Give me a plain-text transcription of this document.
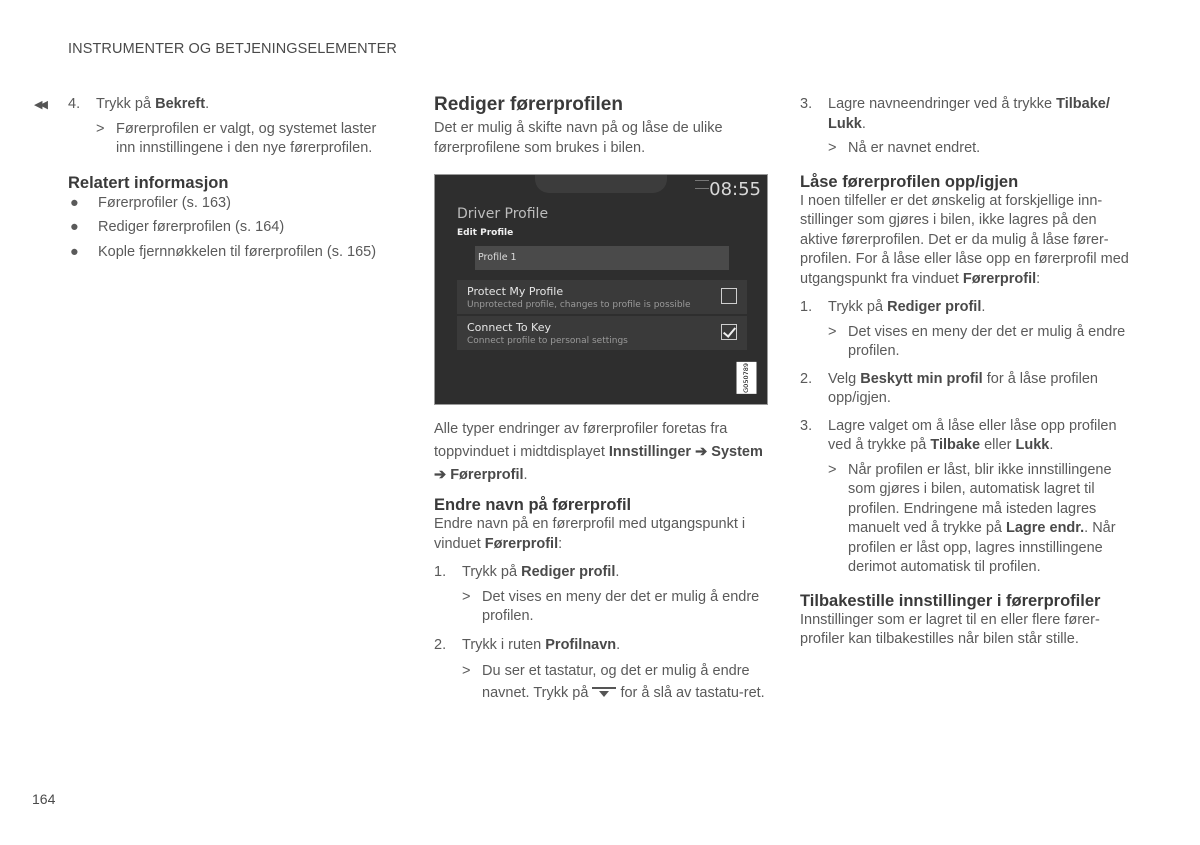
INSTRUMENTER OG BETJENINGSELEMENTER
◀◀ 4.	Trykk på Bekreft.
> Førerprofilen er valgt, og systemet laster inn innstillingene i den nye førerprofilen.
Relatert informasjon
●	Førerprofiler (s. 163)
●	Rediger førerprofilen (s. 164)
●	Kople fjernnøkkelen til førerprofilen (s. 165)
Rediger førerprofilen
Det er mulig å skifte navn på og låse de ulike førerprofilene som brukes i bilen.
08:55
Driver Profile
Edit Profile
Profile 1
Protect My Profile
Unprotected profile, changes to profile is possible
Connect To Key
Connect profile to personal settings
G050789
Alle typer endringer av førerprofiler foretas fra toppvinduet i midtdisplayet Innstillinger ➔ System ➔ Førerprofil.
Endre navn på førerprofil
Endre navn på en førerprofil med utgangspunkt i vinduet Førerprofil:
1.	Trykk på Rediger profil.
> Det vises en meny der det er mulig å endre profilen.
2.	Trykk i ruten Profilnavn.
> Du ser et tastatur, og det er mulig å endre navnet. Trykk på  for å slå av tastatu-ret.
3.	Lagre navneendringer ved å trykke Tilbake/ Lukk.
> Nå er navnet endret.
Låse førerprofilen opp/igjen
I noen tilfeller er det ønskelig at forskjellige inn-stillinger som gjøres i bilen, ikke lagres på den aktive førerprofilen. Det er da mulig å låse fører-profilen. For å låse eller låse opp en førerprofil med utgangspunkt fra vinduet Førerprofil:
1.	Trykk på Rediger profil.
> Det vises en meny der det er mulig å endre profilen.
2.	Velg Beskytt min profil for å låse profilen opp/igjen.
3.	Lagre valget om å låse eller låse opp profilen ved å trykke på Tilbake eller Lukk.
> Når profilen er låst, blir ikke innstillingene som gjøres i bilen, automatisk lagret til profilen. Endringene må isteden lagres manuelt ved å trykke på Lagre endr.. Når profilen er låst opp, lagres innstillingene derimot automatisk til profilen.
Tilbakestille innstillinger i førerprofiler
Innstillinger som er lagret til en eller flere fører-profiler kan tilbakestilles når bilen står stille.
164
